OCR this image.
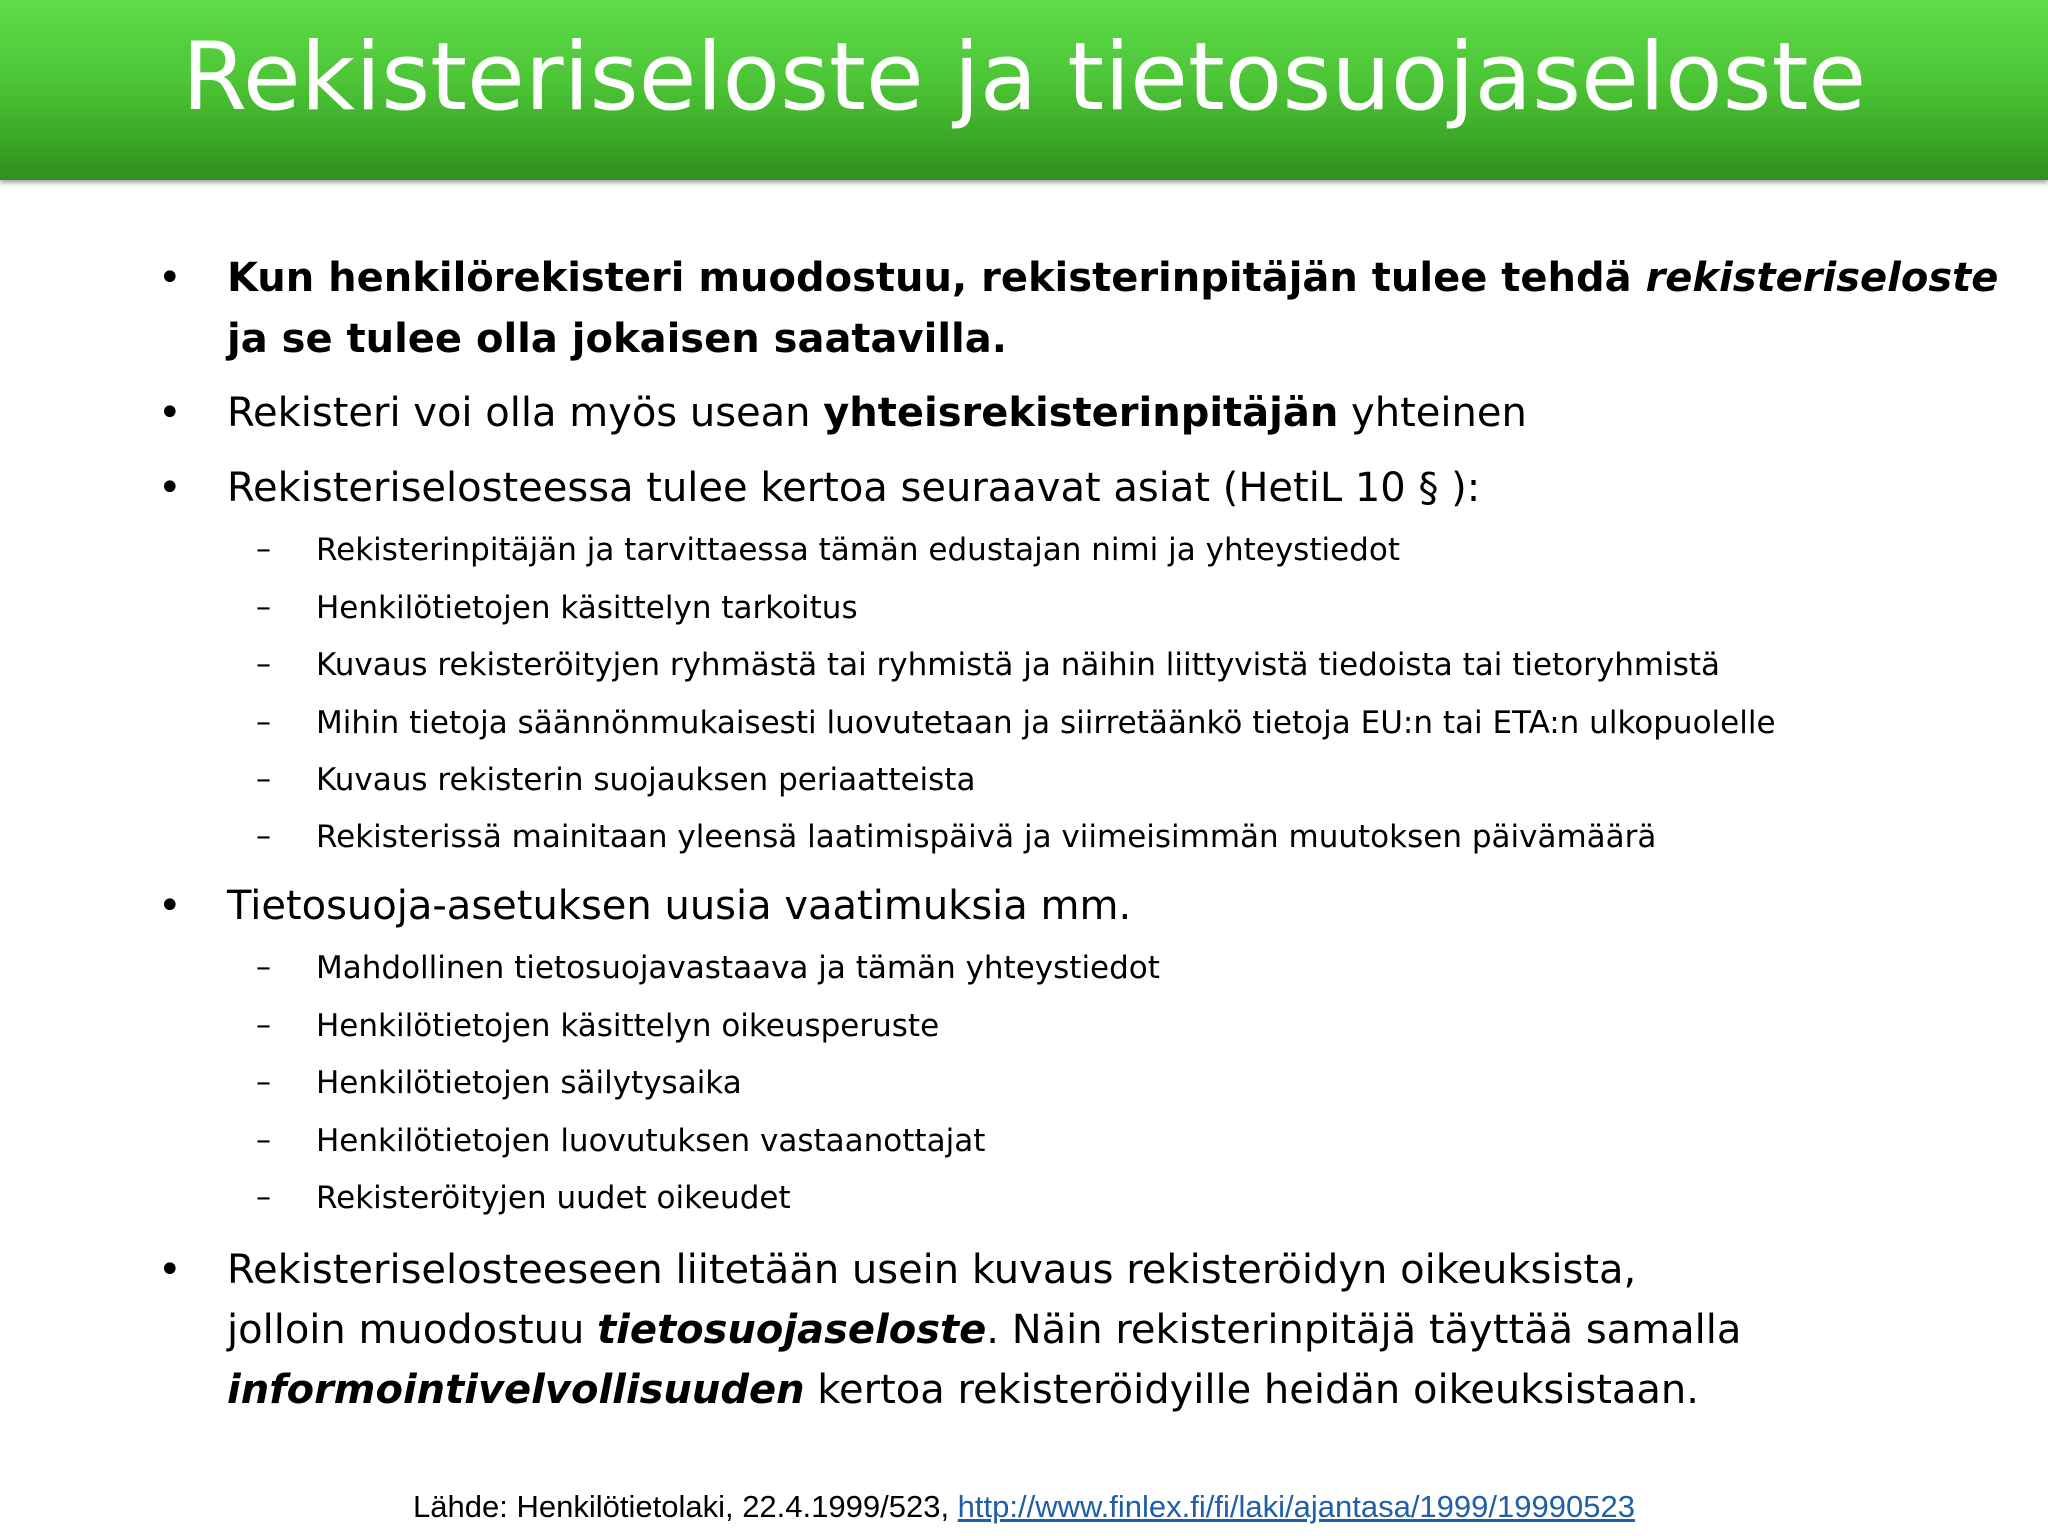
Rekisteriseloste ja tietosuojaseloste
• Kun henkilörekisteri muodostuu, rekisterinpitäjän tulee tehdä rekisteriseloste
ja se tulee olla jokaisen saatavilla.
• Rekisteri voi olla myös usean yhteisrekisterinpitäjän yhteinen
• Rekisteriselosteessa tulee kertoa seuraavat asiat (HetiL 10 § ):
– Rekisterinpitäjän ja tarvittaessa tämän edustajan nimi ja yhteystiedot
– Henkilötietojen käsittelyn tarkoitus
– Kuvaus rekisteröityjen ryhmästä tai ryhmistä ja näihin liittyvistä tiedoista tai tietoryhmistä
– Mihin tietoja säännönmukaisesti luovutetaan ja siirretäänkö tietoja EU:n tai ETA:n ulkopuolelle
– Kuvaus rekisterin suojauksen periaatteista
– Rekisterissä mainitaan yleensä laatimispäivä ja viimeisimmän muutoksen päivämäärä
• Tietosuoja-asetuksen uusia vaatimuksia mm.
– Mahdollinen tietosuojavastaava ja tämän yhteystiedot
– Henkilötietojen käsittelyn oikeusperuste
– Henkilötietojen säilytysaika
– Henkilötietojen luovutuksen vastaanottajat
– Rekisteröityjen uudet oikeudet
• Rekisteriselosteeseen liitetään usein kuvaus rekisteröidyn oikeuksista,
jolloin muodostuu tietosuojaseloste. Näin rekisterinpitäjä täyttää samalla
informointivelvollisuuden kertoa rekisteröidyille heidän oikeuksistaan.
Lähde: Henkilötietolaki, 22.4.1999/523, http://www.finlex.fi/fi/laki/ajantasa/1999/19990523
